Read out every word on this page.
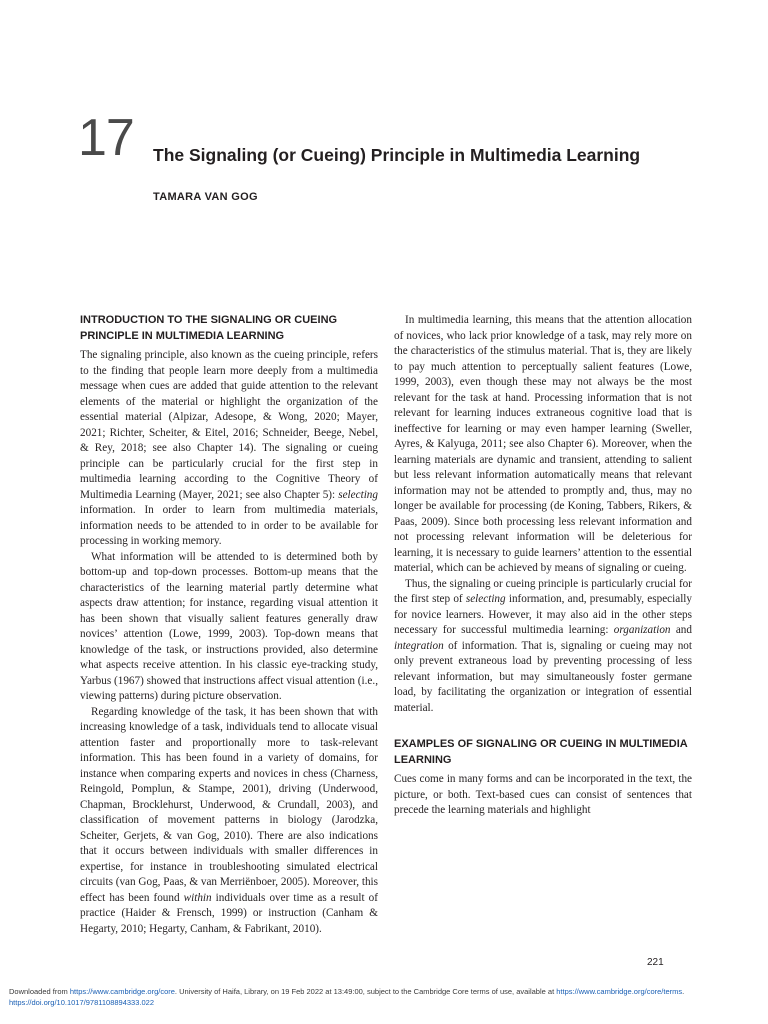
17 The Signaling (or Cueing) Principle in Multimedia Learning
TAMARA VAN GOG
INTRODUCTION TO THE SIGNALING OR CUEING PRINCIPLE IN MULTIMEDIA LEARNING

The signaling principle, also known as the cueing principle, refers to the finding that people learn more deeply from a multimedia message when cues are added that guide attention to the relevant elements of the material or highlight the organization of the essential material (Alpizar, Adesope, & Wong, 2020; Mayer, 2021; Richter, Scheiter, & Eitel, 2016; Schneider, Beege, Nebel, & Rey, 2018; see also Chapter 14). The signaling or cueing principle can be particularly crucial for the first step in multimedia learning according to the Cognitive Theory of Multimedia Learning (Mayer, 2021; see also Chapter 5): selecting information. In order to learn from multimedia materials, information needs to be attended to in order to be available for processing in working memory.

What information will be attended to is determined both by bottom-up and top-down processes. Bottom-up means that the characteristics of the learning material partly determine what aspects draw attention; for instance, regarding visual attention it has been shown that visually salient features generally draw novices’ attention (Lowe, 1999, 2003). Top-down means that knowledge of the task, or instructions provided, also determine what aspects receive attention. In his classic eye-tracking study, Yarbus (1967) showed that instructions affect visual attention (i.e., viewing patterns) during picture observation.

Regarding knowledge of the task, it has been shown that with increasing knowledge of a task, individuals tend to allocate visual attention faster and proportionally more to task-relevant information. This has been found in a variety of domains, for instance when comparing experts and novices in chess (Charness, Reingold, Pomplun, & Stampe, 2001), driving (Underwood, Chapman, Brocklehurst, Underwood, & Crundall, 2003), and classification of movement patterns in biology (Jarodzka, Scheiter, Gerjets, & van Gog, 2010). There are also indications that it occurs between individuals with smaller differences in expertise, for instance in troubleshooting simulated electrical circuits (van Gog, Paas, & van Merriënboer, 2005). Moreover, this effect has been found within individuals over time as a result of practice (Haider & Frensch, 1999) or instruction (Canham & Hegarty, 2010; Hegarty, Canham, & Fabrikant, 2010).

In multimedia learning, this means that the attention allocation of novices, who lack prior knowledge of a task, may rely more on the characteristics of the stimulus material. That is, they are likely to pay much attention to perceptually salient features (Lowe, 1999, 2003), even though these may not always be the most relevant for the task at hand. Processing information that is not relevant for learning induces extraneous cognitive load that is ineffective for learning or may even hamper learning (Sweller, Ayres, & Kalyuga, 2011; see also Chapter 6). Moreover, when the learning materials are dynamic and transient, attending to salient but less relevant information automatically means that relevant information may not be attended to promptly and, thus, may no longer be available for processing (de Koning, Tabbers, Rikers, & Paas, 2009). Since both processing less relevant information and not processing relevant information will be deleterious for learning, it is necessary to guide learners’ attention to the essential material, which can be achieved by means of signaling or cueing.

Thus, the signaling or cueing principle is particularly crucial for the first step of selecting information, and, presumably, especially for novice learners. However, it may also aid in the other steps necessary for successful multimedia learning: organization and integration of information. That is, signaling or cueing may not only prevent extraneous load by preventing processing of less relevant information, but may simultaneously foster germane load, by facilitating the organization or integration of essential material.

EXAMPLES OF SIGNALING OR CUEING IN MULTIMEDIA LEARNING

Cues come in many forms and can be incorporated in the text, the picture, or both. Text-based cues can consist of sentences that precede the learning materials and highlight

221
Downloaded from https://www.cambridge.org/core. University of Haifa, Library, on 19 Feb 2022 at 13:49:00, subject to the Cambridge Core terms of use, available at https://www.cambridge.org/core/terms.
https://doi.org/10.1017/9781108894333.022
